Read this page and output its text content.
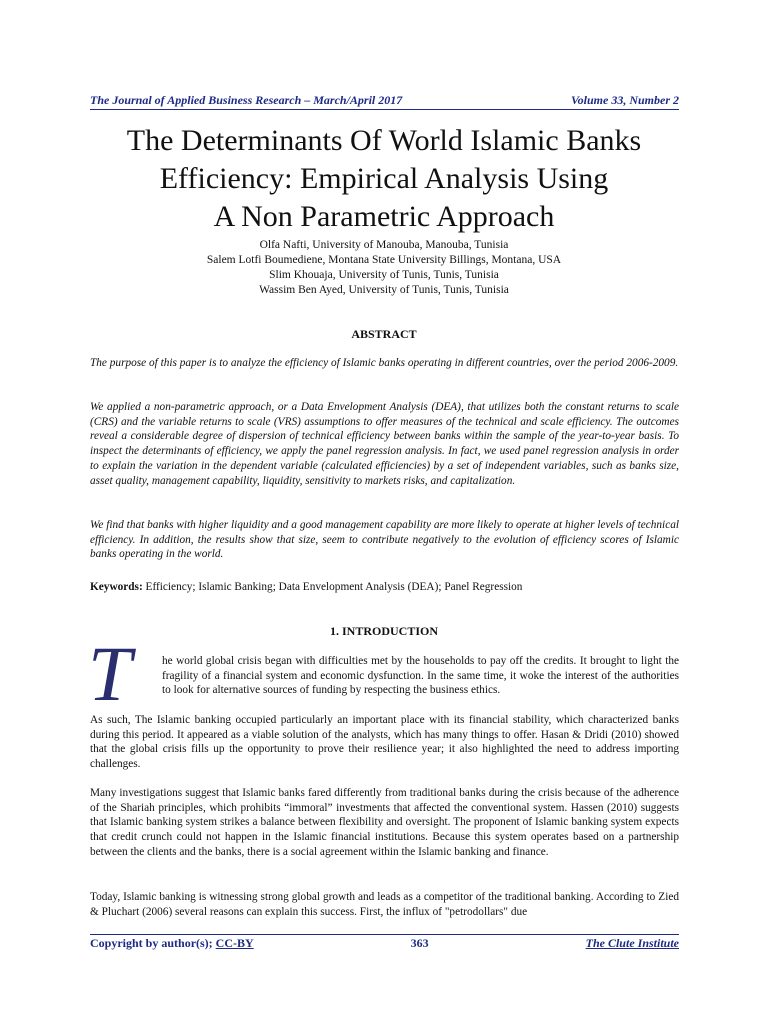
The Journal of Applied Business Research – March/April 2017	Volume 33, Number 2
The Determinants Of World Islamic Banks
Efficiency: Empirical Analysis Using
A Non Parametric Approach
Olfa Nafti, University of Manouba, Manouba, Tunisia
Salem Lotfi Boumediene, Montana State University Billings, Montana, USA
Slim Khouaja, University of Tunis, Tunis, Tunisia
Wassim Ben Ayed, University of Tunis, Tunis, Tunisia
ABSTRACT

The purpose of this paper is to analyze the efficiency of Islamic banks operating in different countries, over the period 2006-2009.

We applied a non-parametric approach, or a Data Envelopment Analysis (DEA), that utilizes both the constant returns to scale (CRS) and the variable returns to scale (VRS) assumptions to offer measures of the technical and scale efficiency. The outcomes reveal a considerable degree of dispersion of technical efficiency between banks within the sample of the year-to-year basis. To inspect the determinants of efficiency, we apply the panel regression analysis. In fact, we used panel regression analysis in order to explain the variation in the dependent variable (calculated efficiencies) by a set of independent variables, such as banks size, asset quality, management capability, liquidity, sensitivity to markets risks, and capitalization.

We find that banks with higher liquidity and a good management capability are more likely to operate at higher levels of technical efficiency. In addition, the results show that size, seem to contribute negatively to the evolution of efficiency scores of Islamic banks operating in the world.

Keywords: Efficiency; Islamic Banking; Data Envelopment Analysis (DEA); Panel Regression

1. INTRODUCTION
T	he world global crisis began with difficulties met by the households to pay off the credits. It brought to light the fragility of a financial system and economic dysfunction. In the same time, it woke the interest of the authorities to look for alternative sources of funding by respecting the business ethics.

As such, The Islamic banking occupied particularly an important place with its financial stability, which characterized banks during this period. It appeared as a viable solution of the analysts, which has many things to offer. Hasan & Dridi (2010) showed that the global crisis fills up the opportunity to prove their resilience year; it also highlighted the need to address importing challenges.

Many investigations suggest that Islamic banks fared differently from traditional banks during the crisis because of the adherence of the Shariah principles, which prohibits “immoral” investments that affected the conventional system. Hassen (2010) suggests that Islamic banking system strikes a balance between flexibility and oversight. The proponent of Islamic banking system expects that credit crunch could not happen in the Islamic financial institutions. Because this system operates based on a partnership between the clients and the banks, there is a social agreement within the Islamic banking and finance.

Today, Islamic banking is witnessing strong global growth and leads as a competitor of the traditional banking. According to Zied & Pluchart (2006) several reasons can explain this success. First, the influx of "petrodollars" due

Copyright by author(s); CC-BY	363	The Clute Institute
